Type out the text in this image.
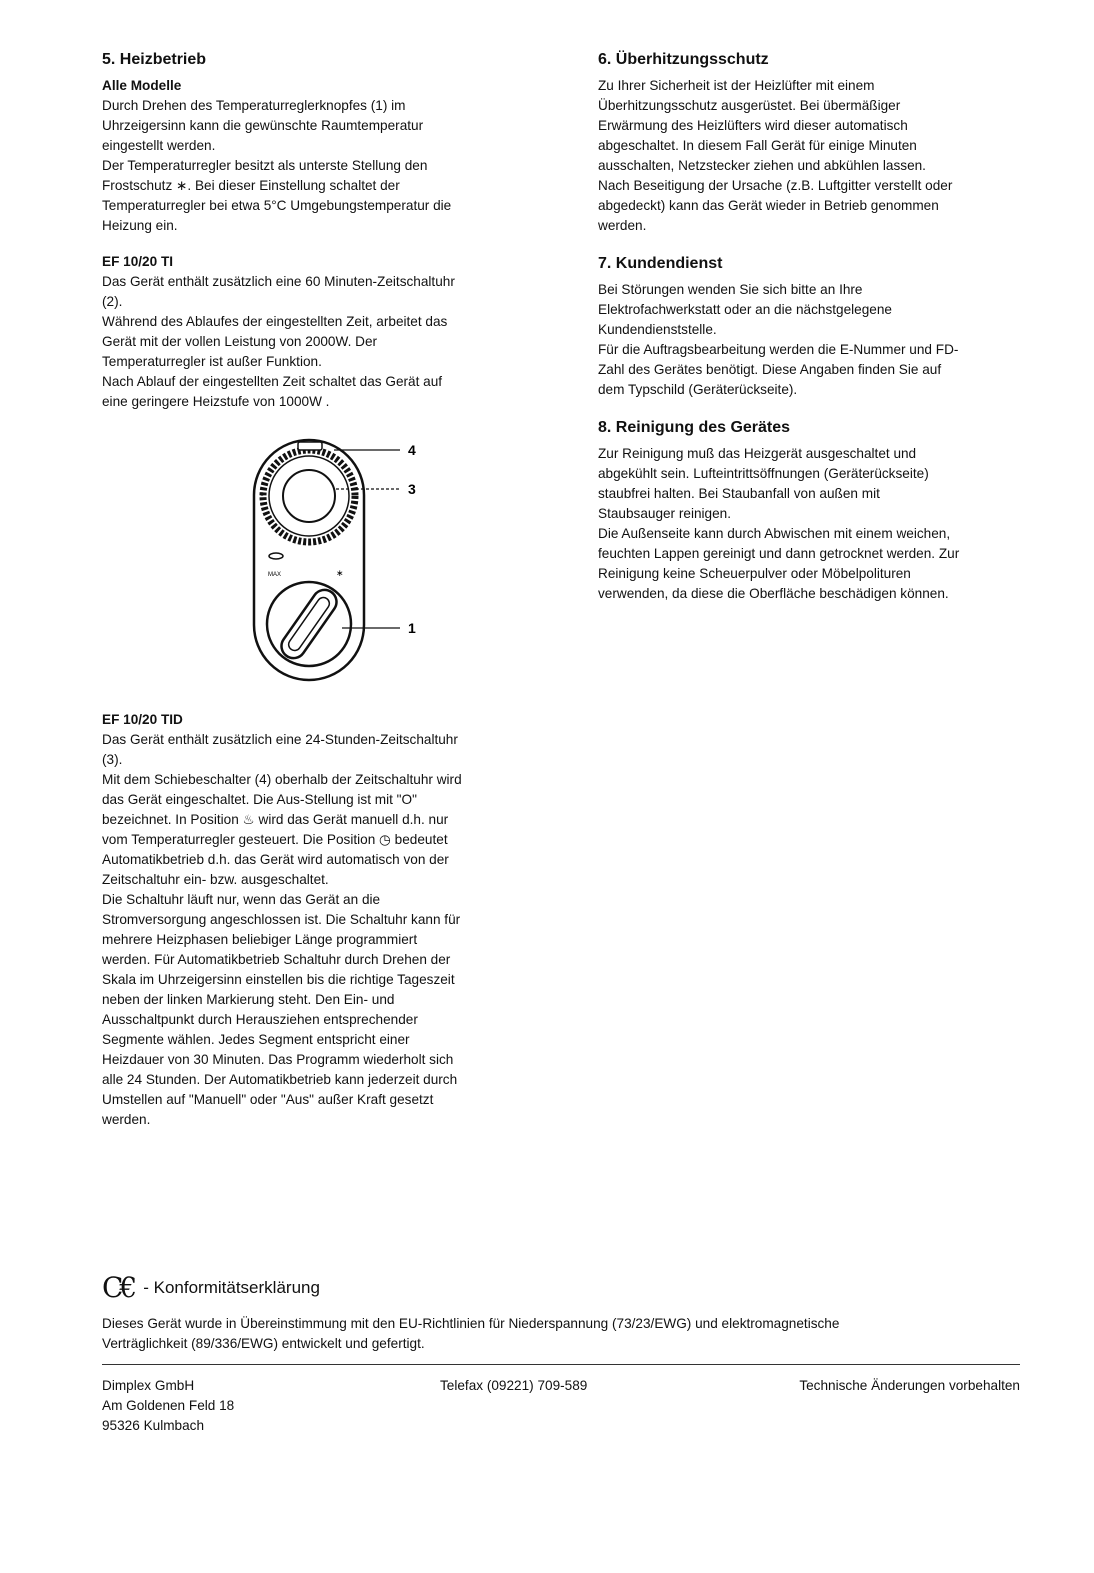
5. Heizbetrieb
Alle Modelle
Durch Drehen des Temperaturreglerknopfes (1) im
Uhrzeigersinn kann die gewünschte Raumtemperatur
eingestellt werden.
Der Temperaturregler besitzt als unterste Stellung den
Frostschutz ∗. Bei dieser Einstellung schaltet der
Temperaturregler bei etwa 5°C Umgebungstemperatur die
Heizung ein.
EF 10/20 TI
Das Gerät enthält zusätzlich eine 60 Minuten-Zeitschaltuhr
(2).
Während des Ablaufes der eingestellten Zeit, arbeitet das
Gerät mit der vollen Leistung von 2000W. Der
Temperaturregler ist außer Funktion.
Nach Ablauf der eingestellten Zeit schaltet das Gerät auf
eine geringere Heizstufe von 1000W .
MAX	∗
4
3
1
EF 10/20 TID
Das Gerät enthält zusätzlich eine 24-Stunden-Zeitschaltuhr
(3).
Mit dem Schiebeschalter (4) oberhalb der Zeitschaltuhr wird
das Gerät eingeschaltet. Die Aus-Stellung ist mit "O"
bezeichnet. In Position ♨ wird das Gerät manuell d.h. nur
vom Temperaturregler gesteuert. Die Position ◷ bedeutet
Automatikbetrieb d.h. das Gerät wird automatisch von der
Zeitschaltuhr ein- bzw. ausgeschaltet.
Die Schaltuhr läuft nur, wenn das Gerät an die
Stromversorgung angeschlossen ist. Die Schaltuhr kann für
mehrere Heizphasen beliebiger Länge programmiert
werden. Für Automatikbetrieb Schaltuhr durch Drehen der
Skala im Uhrzeigersinn einstellen bis die richtige Tageszeit
neben der linken Markierung steht. Den Ein- und
Ausschaltpunkt durch Herausziehen entsprechender
Segmente wählen. Jedes Segment entspricht einer
Heizdauer von 30 Minuten. Das Programm wiederholt sich
alle 24 Stunden. Der Automatikbetrieb kann jederzeit durch
Umstellen auf "Manuell" oder "Aus" außer Kraft gesetzt
werden.
6. Überhitzungsschutz
Zu Ihrer Sicherheit ist der Heizlüfter mit einem
Überhitzungsschutz ausgerüstet. Bei übermäßiger
Erwärmung des Heizlüfters wird dieser automatisch
abgeschaltet. In diesem Fall Gerät für einige Minuten
ausschalten, Netzstecker ziehen und abkühlen lassen.
Nach Beseitigung der Ursache (z.B. Luftgitter verstellt oder
abgedeckt) kann das Gerät wieder in Betrieb genommen
werden.
7. Kundendienst
Bei Störungen wenden Sie sich bitte an Ihre
Elektrofachwerkstatt oder an die nächstgelegene
Kundendienststelle.
Für die Auftragsbearbeitung werden die E-Nummer und FD-
Zahl des Gerätes benötigt. Diese Angaben finden Sie auf
dem Typschild (Geräterückseite).
8. Reinigung des Gerätes
Zur Reinigung muß das Heizgerät ausgeschaltet und
abgekühlt sein. Lufteintrittsöffnungen (Geräterückseite)
staubfrei halten. Bei Staubanfall von außen mit
Staubsauger reinigen.
Die Außenseite kann durch Abwischen mit einem weichen,
feuchten Lappen gereinigt und dann getrocknet werden. Zur
Reinigung keine Scheuerpulver oder Möbelpolituren
verwenden, da diese die Oberfläche beschädigen können.
C€ - Konformitätserklärung
Dieses Gerät wurde in Übereinstimmung mit den EU-Richtlinien für Niederspannung (73/23/EWG) und elektromagnetische
Verträglichkeit (89/336/EWG) entwickelt und gefertigt.
Dimplex GmbH
Am Goldenen Feld 18
95326 Kulmbach
Telefax (09221) 709-589	Technische Änderungen vorbehalten
